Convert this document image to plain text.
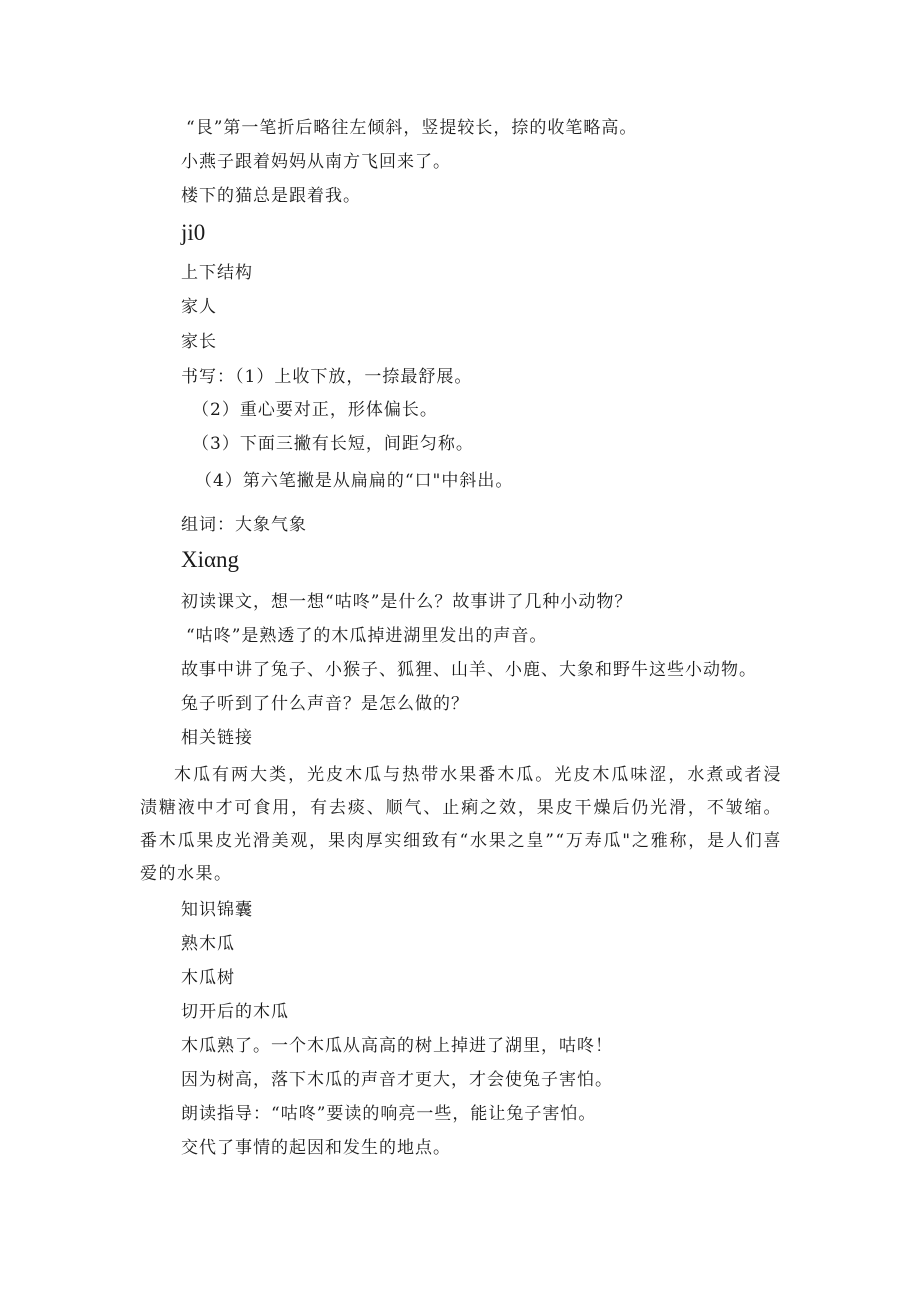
“艮”第一笔折后略往左倾斜，竖提较长，捺的收笔略高。
小燕子跟着妈妈从南方飞回来了。
楼下的猫总是跟着我。
ji0
上下结构
家人
家长
书写：（1）上收下放，一捺最舒展。
（2）重心要对正，形体偏长。
（3）下面三撇有长短，间距匀称。
（4）第六笔撇是从扁扁的“口"中斜出。
组词：大象气象
Xiαng
初读课文，想一想“咕咚”是什么？故事讲了几种小动物？
“咕咚”是熟透了的木瓜掉进湖里发出的声音。
故事中讲了兔子、小猴子、狐狸、山羊、小鹿、大象和野牛这些小动物。
兔子听到了什么声音？是怎么做的？
相关链接
木瓜有两大类，光皮木瓜与热带水果番木瓜。光皮木瓜味涩，水煮或者浸渍糖液中才可食用，有去痰、顺气、止痢之效，果皮干燥后仍光滑，不皱缩。番木瓜果皮光滑美观，果肉厚实细致有“水果之皇”“万寿瓜"之雅称，是人们喜爱的水果。
知识锦囊
熟木瓜
木瓜树
切开后的木瓜
木瓜熟了。一个木瓜从高高的树上掉进了湖里，咕咚！
因为树高，落下木瓜的声音才更大，才会使兔子害怕。
朗读指导：“咕咚”要读的响亮一些，能让兔子害怕。
交代了事情的起因和发生的地点。
